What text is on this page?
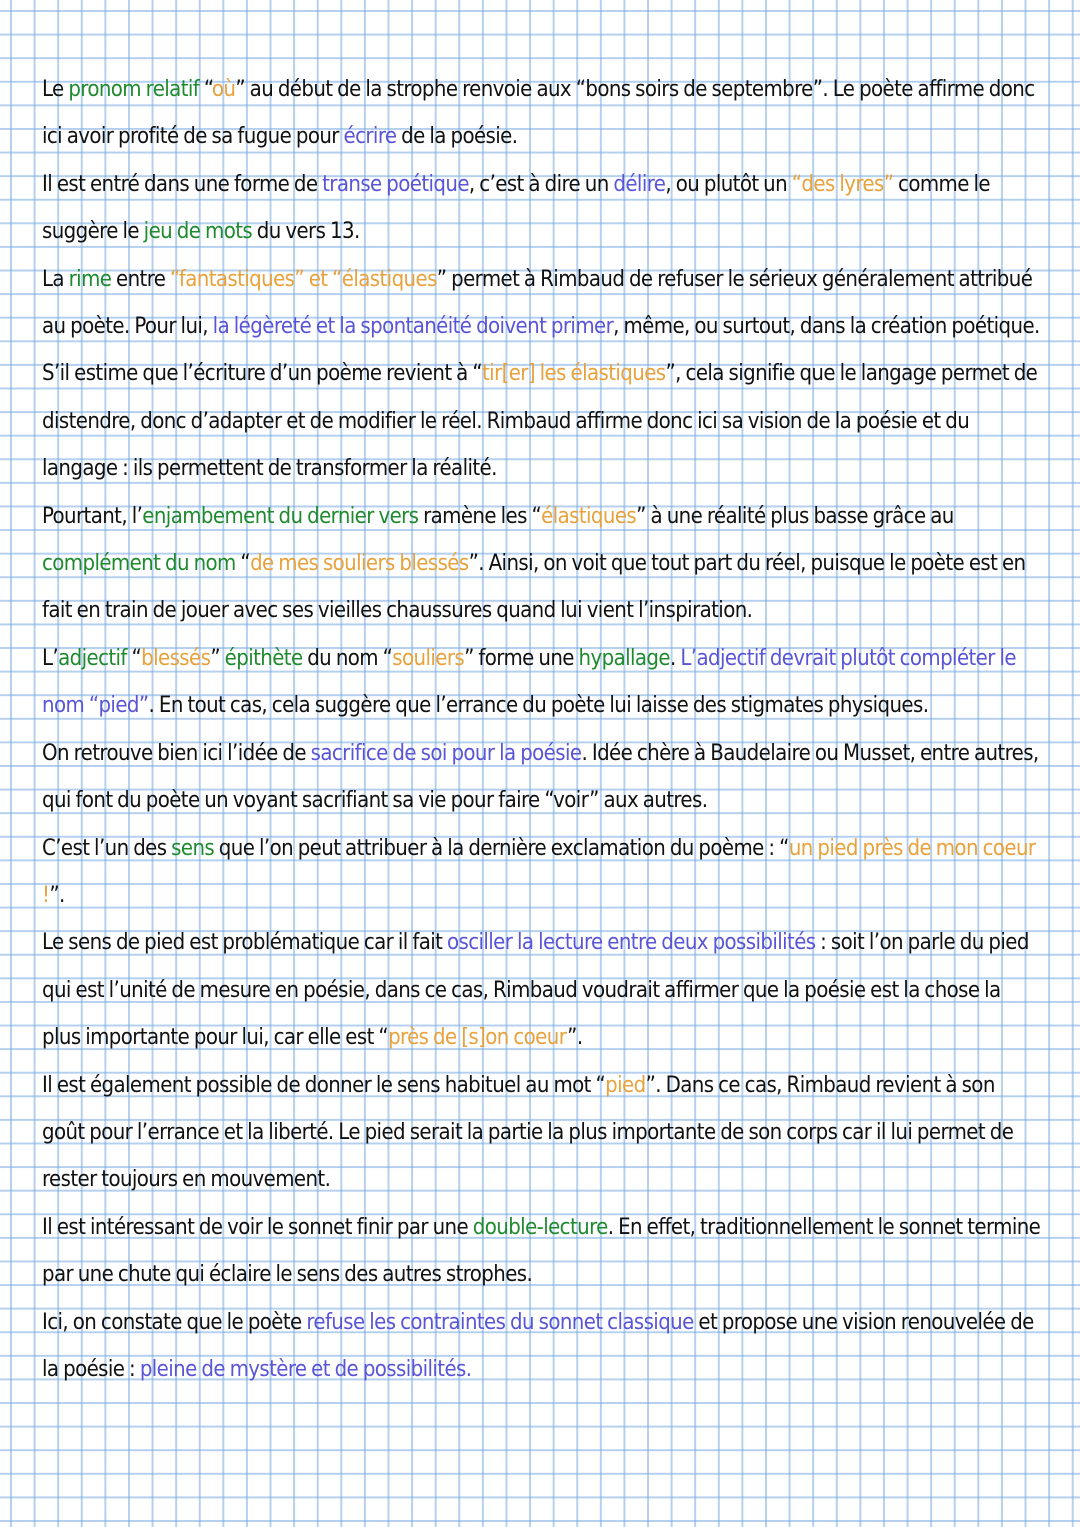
Le pronom relatif “où” au début de la strophe renvoie aux “bons soirs de septembre”. Le poète affirme donc ici avoir profité de sa fugue pour écrire de la poésie.

Il est entré dans une forme de transe poétique, c’est à dire un délire, ou plutôt un “des lyres” comme le suggère le jeu de mots du vers 13.

La rime entre “fantastiques” et “élastiques” permet à Rimbaud de refuser le sérieux généralement attribué au poète. Pour lui, la légèreté et la spontanéité doivent primer, même, ou surtout, dans la création poétique.

S’il estime que l’écriture d’un poème revient à “tir[er] les élastiques”, cela signifie que le langage permet de distendre, donc d’adapter et de modifier le réel. Rimbaud affirme donc ici sa vision de la poésie et du langage : ils permettent de transformer la réalité.

Pourtant, l’enjambement du dernier vers ramène les “élastiques” à une réalité plus basse grâce au complément du nom “de mes souliers blessés”. Ainsi, on voit que tout part du réel, puisque le poète est en fait en train de jouer avec ses vieilles chaussures quand lui vient l’inspiration.

L’adjectif “blessés” épithète du nom “souliers” forme une hypallage. L’adjectif devrait plutôt compléter le nom “pied”. En tout cas, cela suggère que l’errance du poète lui laisse des stigmates physiques.

On retrouve bien ici l’idée de sacrifice de soi pour la poésie. Idée chère à Baudelaire ou Musset, entre autres, qui font du poète un voyant sacrifiant sa vie pour faire “voir” aux autres.

C’est l’un des sens que l’on peut attribuer à la dernière exclamation du poème : “un pied près de mon coeur !”.

Le sens de pied est problématique car il fait osciller la lecture entre deux possibilités : soit l’on parle du pied qui est l’unité de mesure en poésie, dans ce cas, Rimbaud voudrait affirmer que la poésie est la chose la plus importante pour lui, car elle est “près de [s]on coeur”.

Il est également possible de donner le sens habituel au mot “pied”. Dans ce cas, Rimbaud revient à son goût pour l’errance et la liberté. Le pied serait la partie la plus importante de son corps car il lui permet de rester toujours en mouvement.

Il est intéressant de voir le sonnet finir par une double-lecture. En effet, traditionnellement le sonnet termine par une chute qui éclaire le sens des autres strophes.

Ici, on constate que le poète refuse les contraintes du sonnet classique et propose une vision renouvelée de la poésie : pleine de mystère et de possibilités.
